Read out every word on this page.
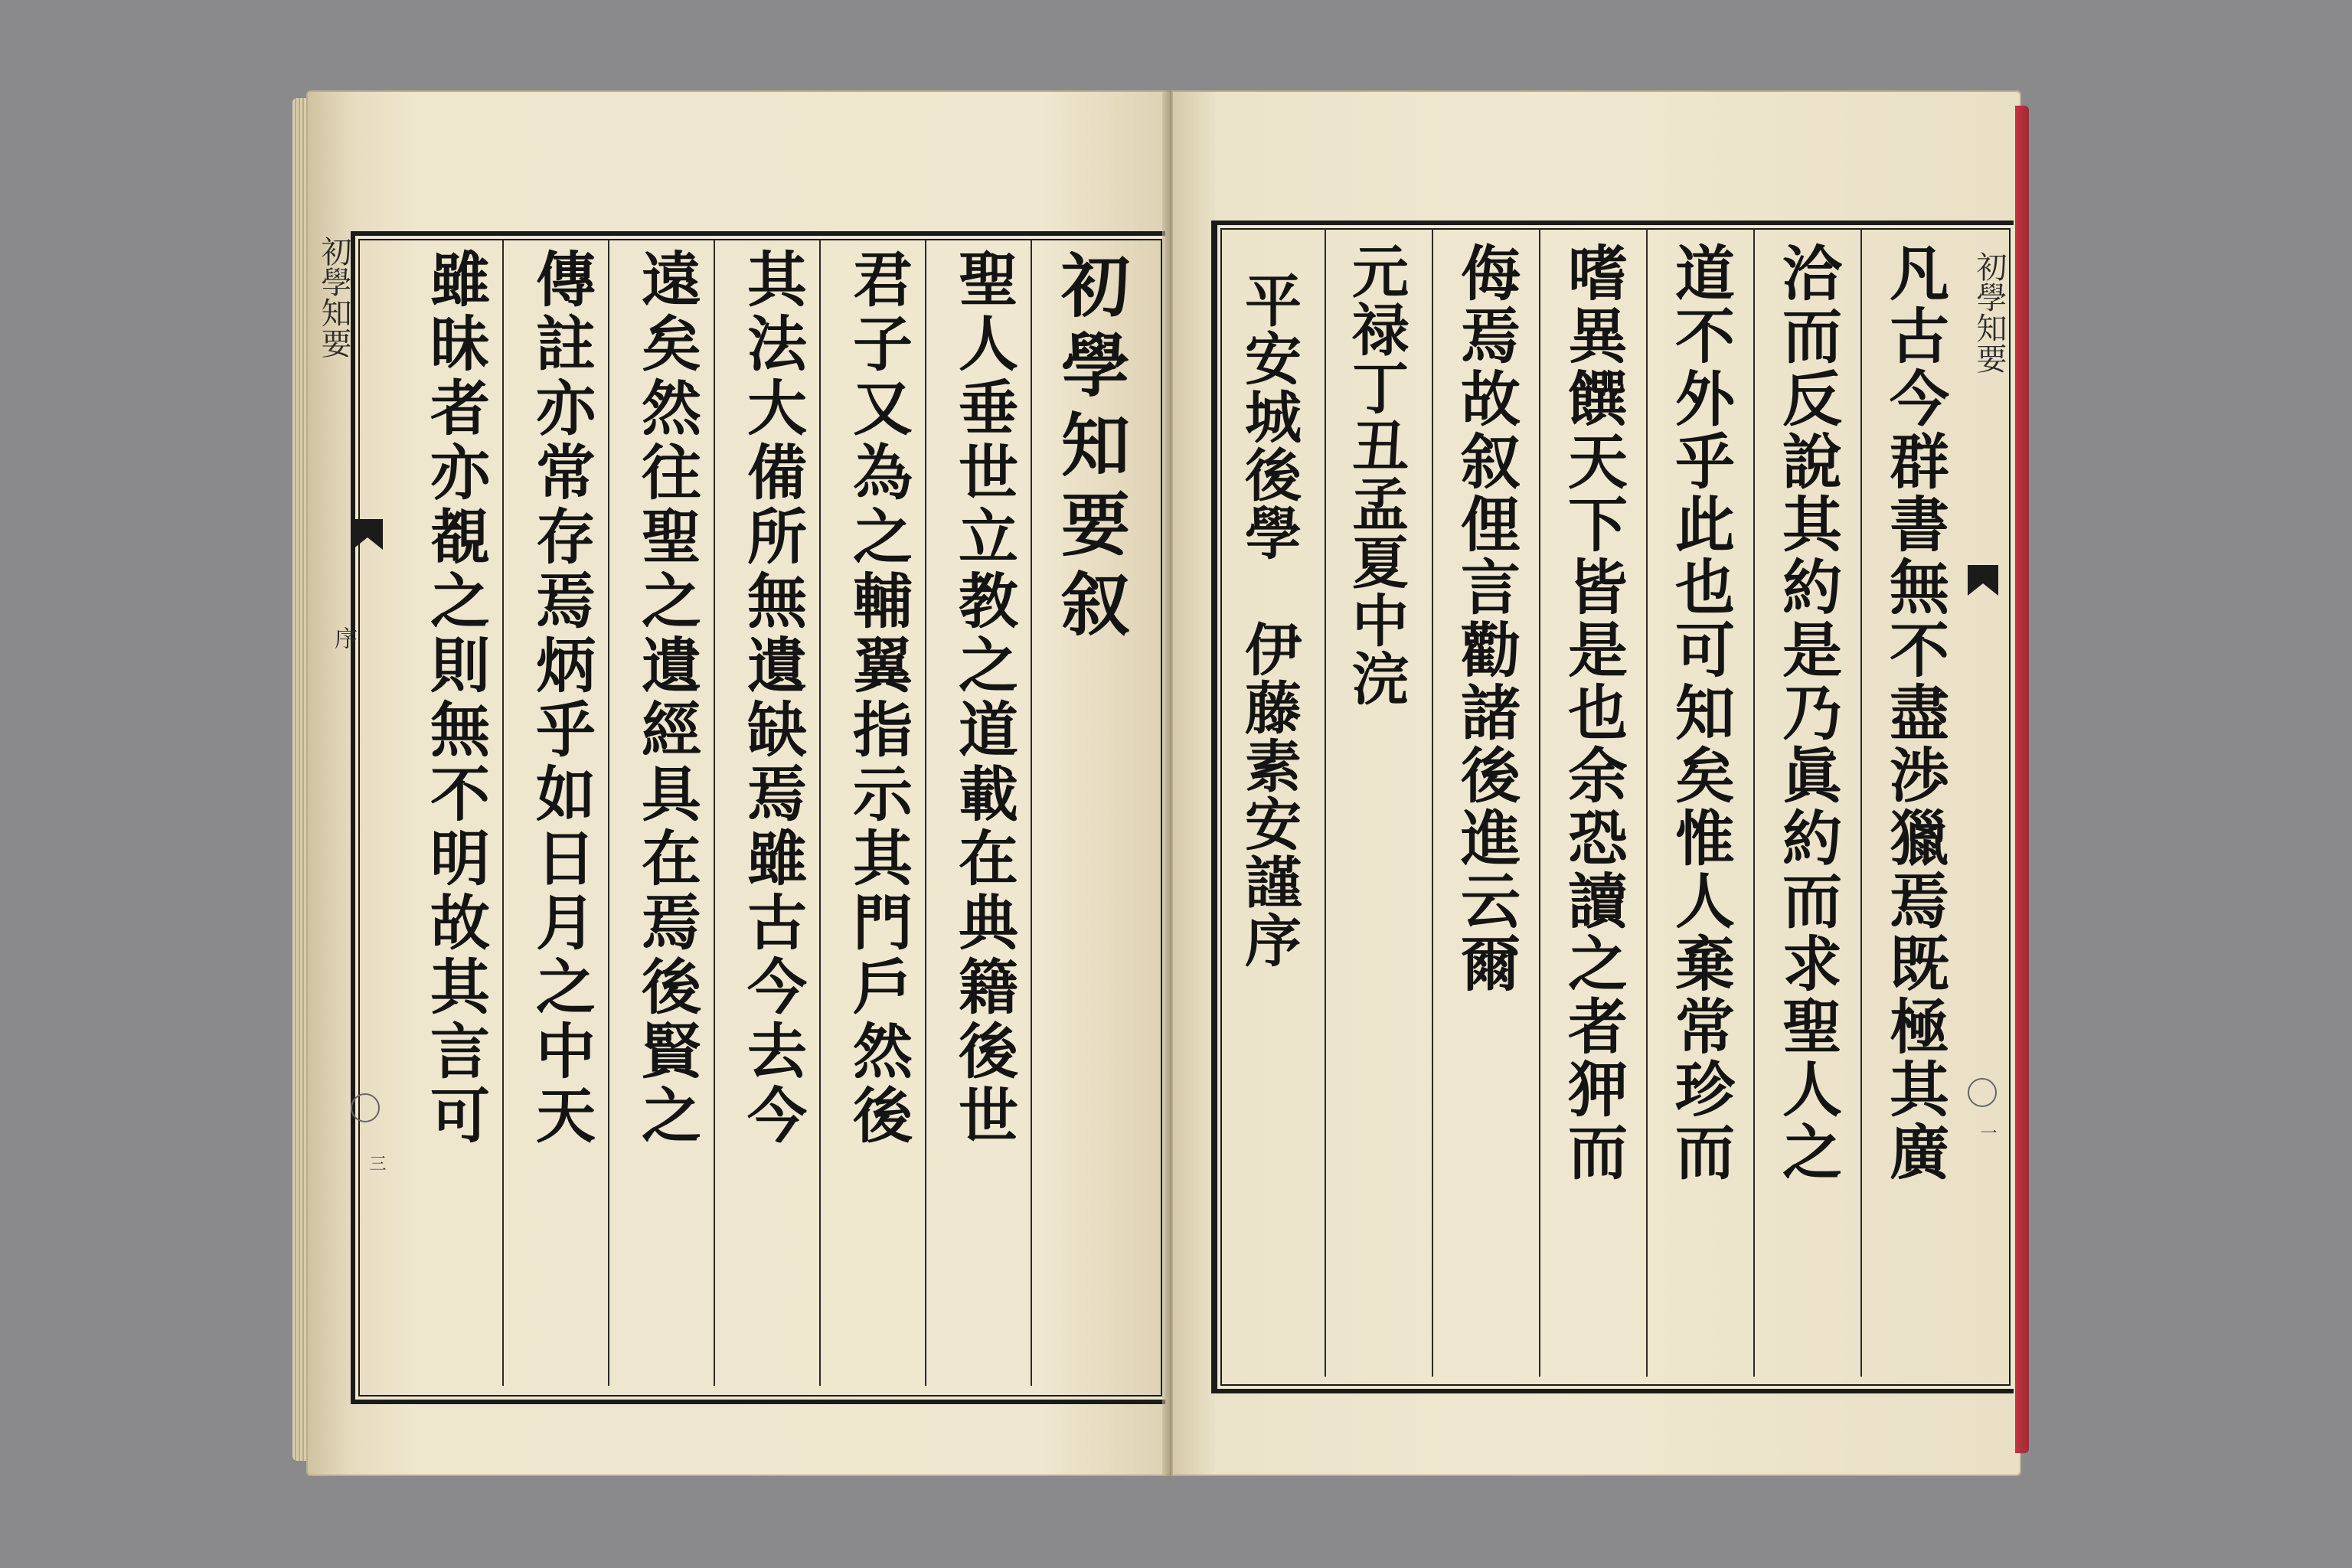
初學知要
序
三
初學知要叙
聖人垂世立教之道載在典籍後世
君子又為之輔翼指示其門戶然後
其法大備所無遺缺焉雖古今去今
遠矣然往聖之遺經具在焉後賢之
傳註亦常存焉炳乎如日月之中天
雖昧者亦覩之則無不明故其言可	初學知要
一
凡古今群書無不盡渉獵焉既極其廣
洽而反說其約是乃眞約而求聖人之
道不外乎此也可知矣惟人棄常珍而
嗜異饌天下皆是也余恐讀之者狎而
侮焉故叙俚言勸諸後進云爾
元禄丁丑孟夏中浣
平安城後學　伊藤素安謹序
